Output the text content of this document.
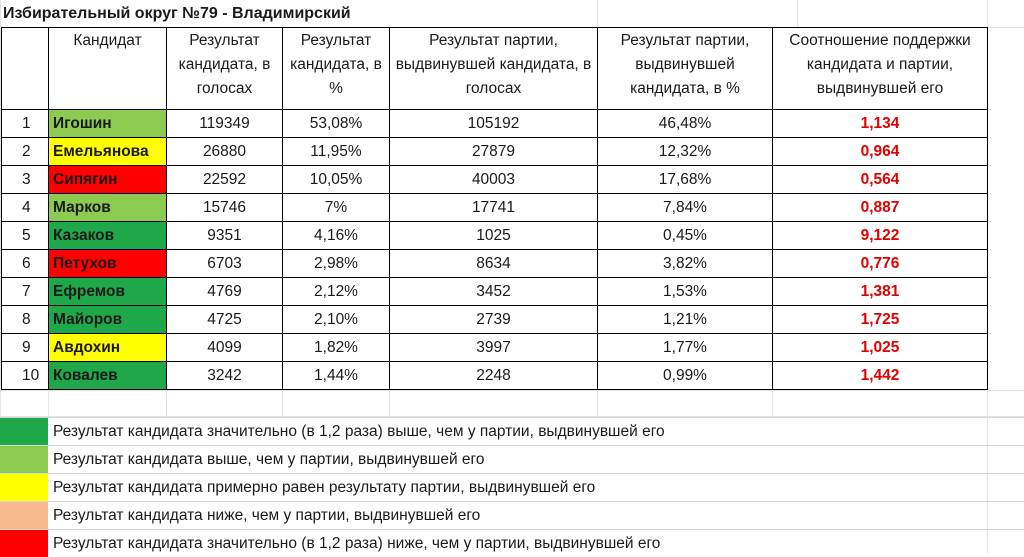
Избирательный округ №79 - Владимирский
	Кандидат	Результат кандидата, в голосах	Результат кандидата, в %	Результат партии, выдвинувшей кандидата, в голосах	Результат партии, выдвинувшей кандидата, в %	Соотношение поддержки кандидата и партии, выдвинувшей его
1	Игошин	119349	53,08%	105192	46,48%	1,134
2	Емельянова	26880	11,95%	27879	12,32%	0,964
3	Сипягин	22592	10,05%	40003	17,68%	0,564
4	Марков	15746	7%	17741	7,84%	0,887
5	Казаков	9351	4,16%	1025	0,45%	9,122
6	Петухов	6703	2,98%	8634	3,82%	0,776
7	Ефремов	4769	2,12%	3452	1,53%	1,381
8	Майоров	4725	2,10%	2739	1,21%	1,725
9	Авдохин	4099	1,82%	3997	1,77%	1,025
10	Ковалев	3242	1,44%	2248	0,99%	1,442
Результат кандидата значительно (в 1,2 раза) выше, чем у партии, выдвинувшей его
Результат кандидата выше, чем у партии, выдвинувшей его
Результат кандидата примерно равен результату партии, выдвинувшей его
Результат кандидата ниже, чем у партии, выдвинувшей его
Результат кандидата значительно (в 1,2 раза) ниже, чем у партии, выдвинувшей его
